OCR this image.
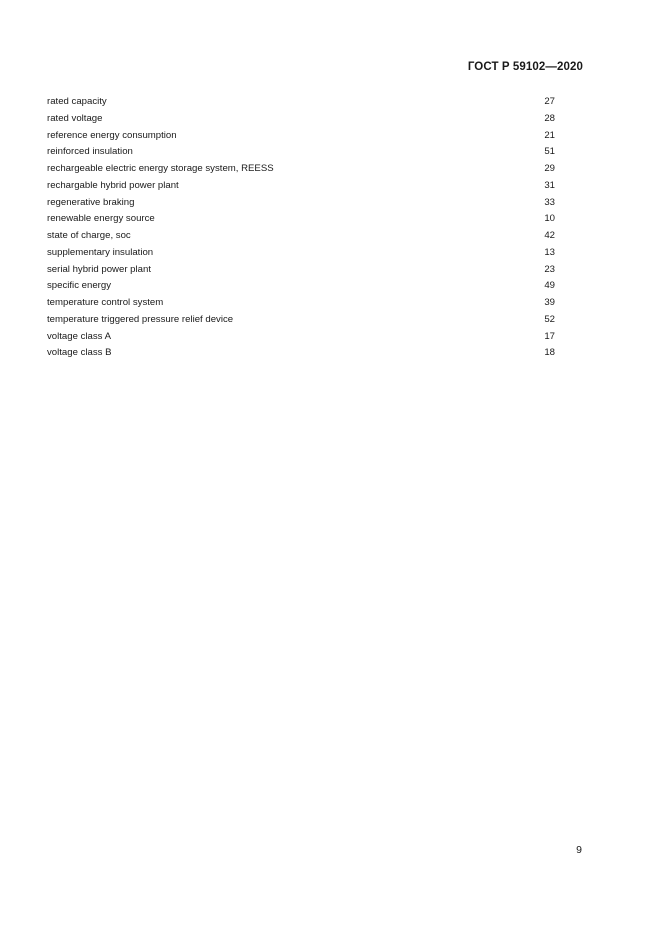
ГОСТ Р 59102—2020
rated capacity	27
rated voltage	28
reference energy consumption	21
reinforced insulation	51
rechargeable electric energy storage system, REESS	29
rechargable hybrid power plant	31
regenerative braking	33
renewable energy source	10
state of charge, soc	42
supplementary insulation	13
serial hybrid power plant	23
specific energy	49
temperature control system	39
temperature triggered pressure relief device	52
voltage class A	17
voltage class B	18
9
